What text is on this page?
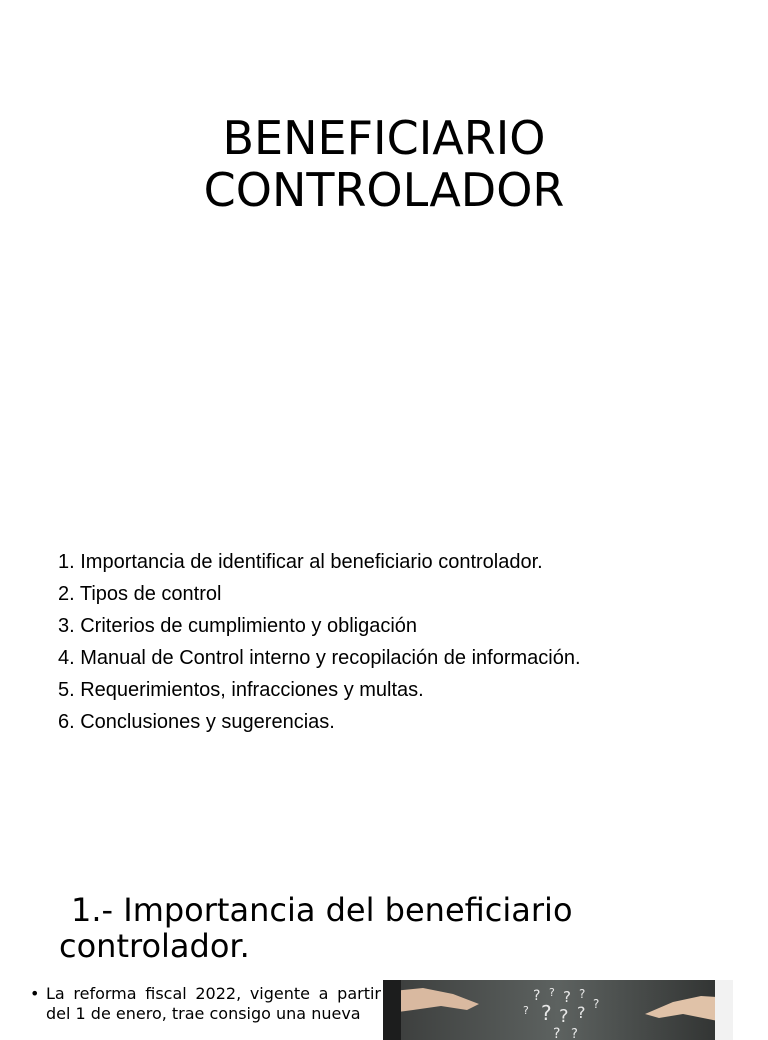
BENEFICIARIO
CONTROLADOR
1. Importancia de identificar al beneficiario controlador.
2. Tipos de control
3. Criterios de cumplimiento y obligación
4. Manual de Control interno y recopilación de información.
5. Requerimientos, infracciones y multas.
6. Conclusiones y sugerencias.
1.- Importancia del beneficiario
controlador.

• La reforma fiscal 2022, vigente a partir del 1 de enero, trae consigo una nueva

? ? ? ?
? ? ? ?
?
? ?
